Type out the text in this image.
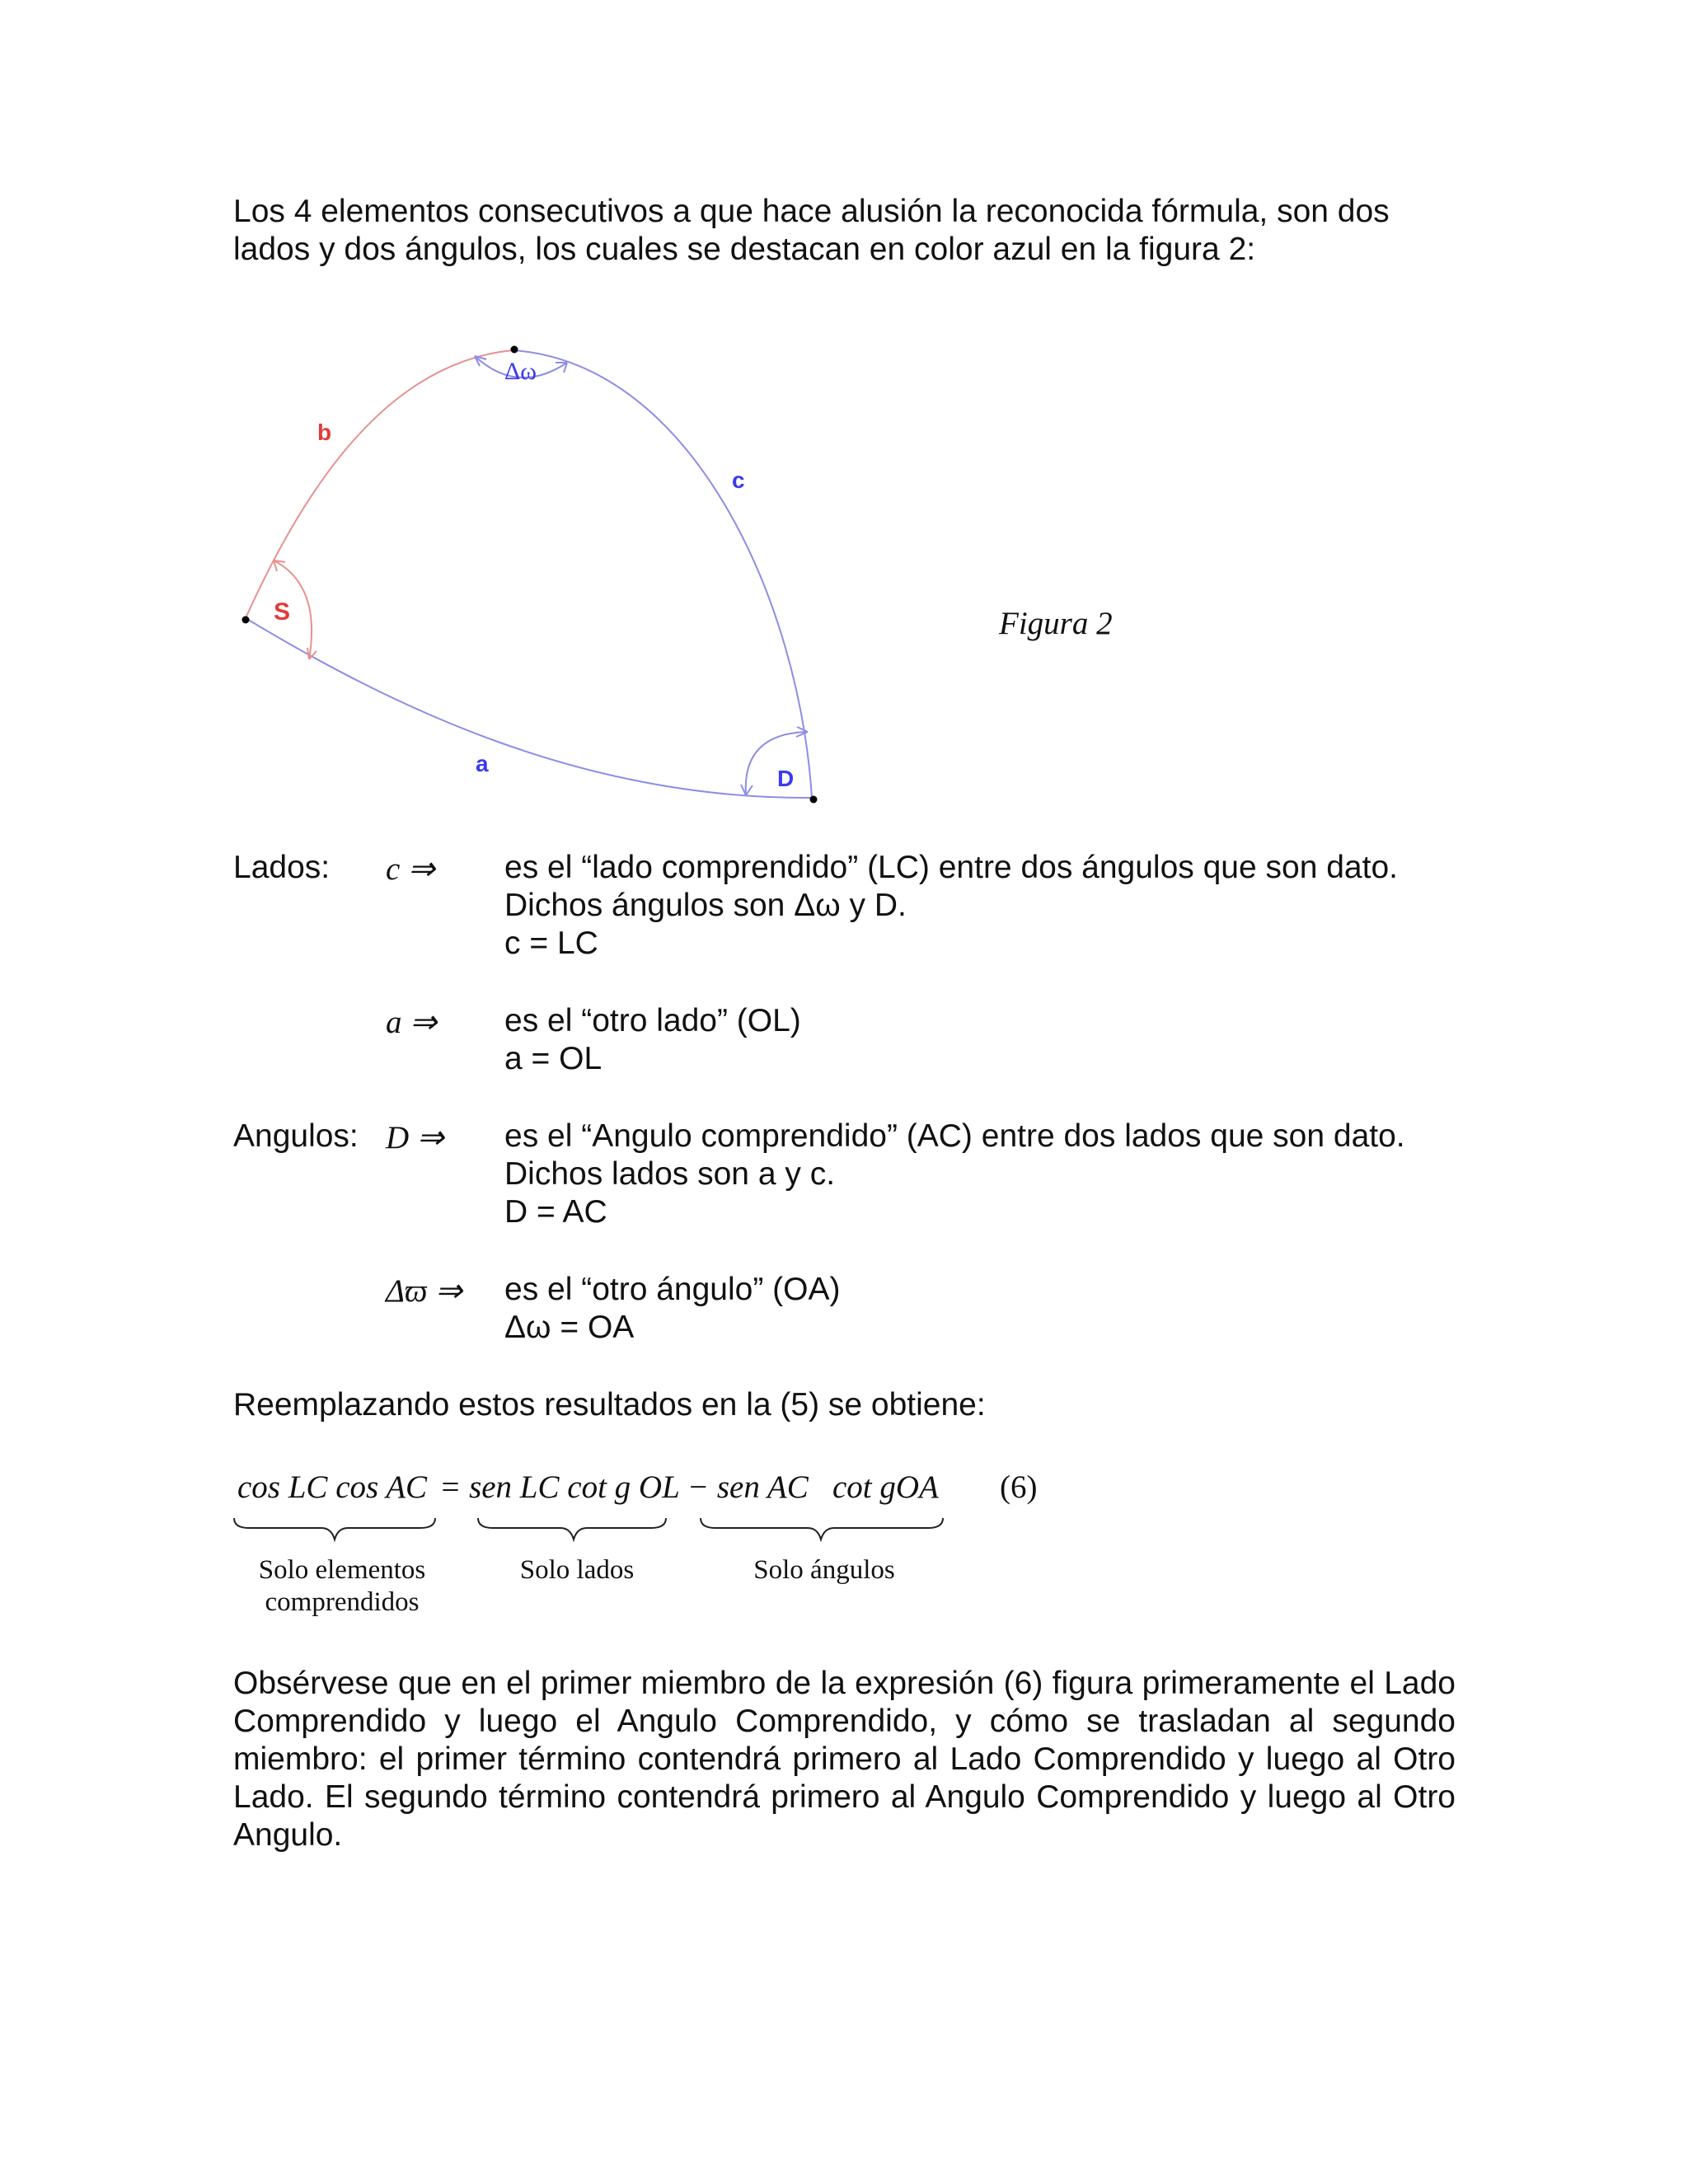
Los 4 elementos consecutivos a que hace alusión la reconocida fórmula, son dos
lados y dos ángulos, los cuales se destacan en color azul en la figura 2:
Δω
b
c
S
a
D
Figura 2
Lados: c ⇒ es el “lado comprendido” (LC) entre dos ángulos que son dato.
Dichos ángulos son Δω y D.
c = LC
a ⇒ es el “otro lado” (OL)
a = OL
Angulos: D ⇒ es el “Angulo comprendido” (AC) entre dos lados que son dato.
Dichos lados son a y c.
D = AC
Δϖ ⇒ es el “otro ángulo” (OA)
Δω = OA
Reemplazando estos resultados en la (5) se obtiene:
cos LC cos AC = sen LC cot g OL − sen AC cot gOA (6)
Solo elementos
comprendidos
Solo lados	Solo ángulos
Obsérvese que en el primer miembro de la expresión (6) figura primeramente el Lado Comprendido y luego el Angulo Comprendido, y cómo se trasladan al segundo miembro: el primer término contendrá primero al Lado Comprendido y luego al Otro Lado. El segundo término contendrá primero al Angulo Comprendido y luego al Otro Angulo.
